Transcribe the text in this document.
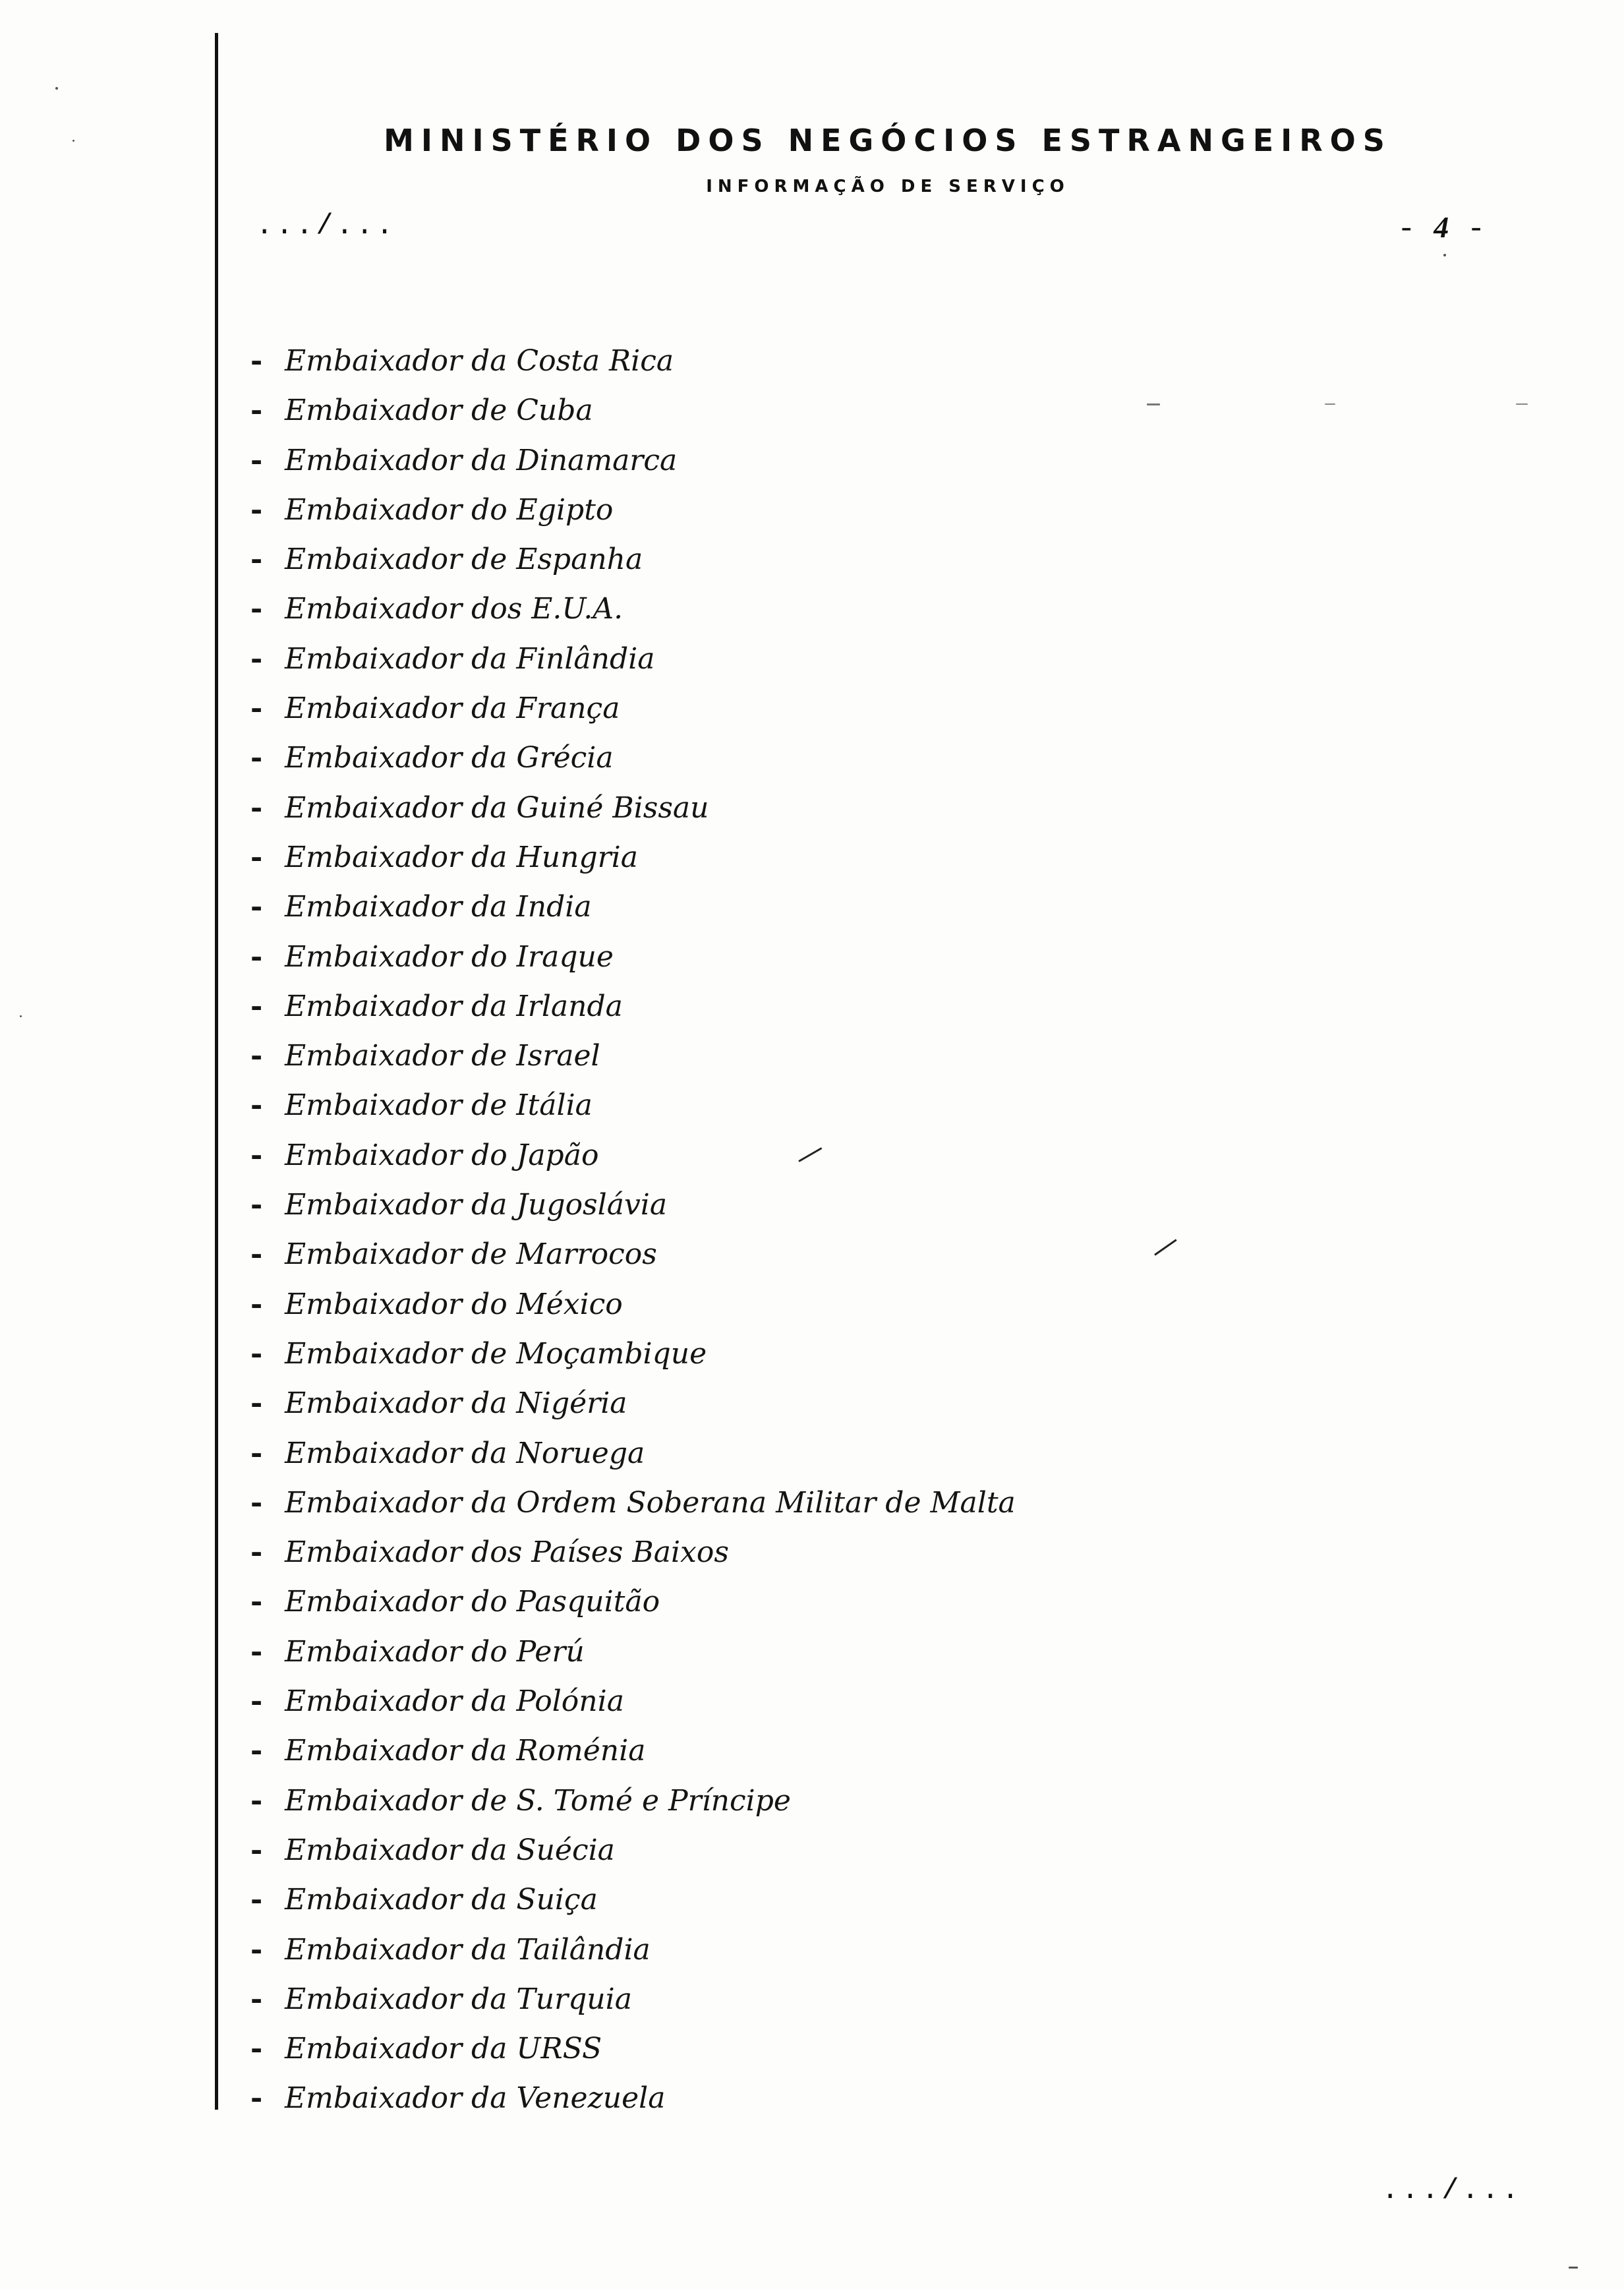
MINISTÉRIO DOS NEGÓCIOS ESTRANGEIROS
INFORMAÇÃO DE SERVIÇO
.../...	- 4 -
- Embaixador da Costa Rica
- Embaixador de Cuba
- Embaixador da Dinamarca
- Embaixador do Egipto
- Embaixador de Espanha
- Embaixador dos E.U.A.
- Embaixador da Finlândia
- Embaixador da França
- Embaixador da Grécia
- Embaixador da Guiné Bissau
- Embaixador da Hungria
- Embaixador da India
- Embaixador do Iraque
- Embaixador da Irlanda
- Embaixador de Israel
- Embaixador de Itália
- Embaixador do Japão
- Embaixador da Jugoslávia
- Embaixador de Marrocos
- Embaixador do México
- Embaixador de Moçambique
- Embaixador da Nigéria
- Embaixador da Noruega
- Embaixador da Ordem Soberana Militar de Malta
- Embaixador dos Países Baixos
- Embaixador do Pasquitão
- Embaixador do Perú
- Embaixador da Polónia
- Embaixador da Roménia
- Embaixador de S. Tomé e Príncipe
- Embaixador da Suécia
- Embaixador da Suiça
- Embaixador da Tailândia
- Embaixador da Turquia
- Embaixador da URSS
- Embaixador da Venezuela
.../...
